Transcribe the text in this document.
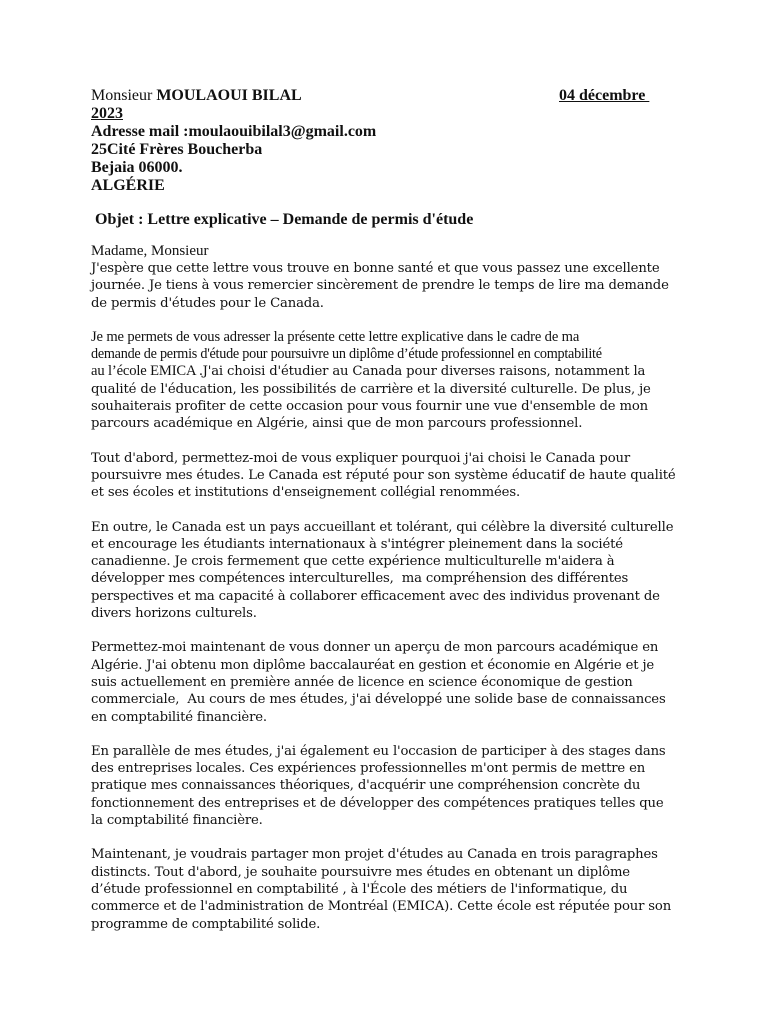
Monsieur MOULAOUI BILAL	04 décembre
2023
Adresse mail :moulaouibilal3@gmail.com
25Cité Frères Boucherba
Bejaia 06000.
ALGÉRIE
Objet : Lettre explicative – Demande de permis d'étude
Madame, Monsieur
J'espère que cette lettre vous trouve en bonne santé et que vous passez une excellente
journée. Je tiens à vous remercier sincèrement de prendre le temps de lire ma demande
de permis d'études pour le Canada.
Je me permets de vous adresser la présente cette lettre explicative dans le cadre de ma
demande de permis d'étude pour poursuivre un diplôme d’étude professionnel en comptabilité
au l’école EMICA .J'ai choisi d'étudier au Canada pour diverses raisons, notamment la
qualité de l'éducation, les possibilités de carrière et la diversité culturelle. De plus, je
souhaiterais profiter de cette occasion pour vous fournir une vue d'ensemble de mon
parcours académique en Algérie, ainsi que de mon parcours professionnel.
Tout d'abord, permettez-moi de vous expliquer pourquoi j'ai choisi le Canada pour
poursuivre mes études. Le Canada est réputé pour son système éducatif de haute qualité
et ses écoles et institutions d'enseignement collégial renommées.
En outre, le Canada est un pays accueillant et tolérant, qui célèbre la diversité culturelle
et encourage les étudiants internationaux à s'intégrer pleinement dans la société
canadienne. Je crois fermement que cette expérience multiculturelle m'aidera à
développer mes compétences interculturelles,  ma compréhension des différentes
perspectives et ma capacité à collaborer efficacement avec des individus provenant de
divers horizons culturels.
Permettez-moi maintenant de vous donner un aperçu de mon parcours académique en
Algérie. J'ai obtenu mon diplôme baccalauréat en gestion et économie en Algérie et je
suis actuellement en première année de licence en science économique de gestion
commerciale,  Au cours de mes études, j'ai développé une solide base de connaissances
en comptabilité financière.
En parallèle de mes études, j'ai également eu l'occasion de participer à des stages dans
des entreprises locales. Ces expériences professionnelles m'ont permis de mettre en
pratique mes connaissances théoriques, d'acquérir une compréhension concrète du
fonctionnement des entreprises et de développer des compétences pratiques telles que
la comptabilité financière.
Maintenant, je voudrais partager mon projet d'études au Canada en trois paragraphes
distincts. Tout d'abord, je souhaite poursuivre mes études en obtenant un diplôme
d’étude professionnel en comptabilité , à l'École des métiers de l'informatique, du
commerce et de l'administration de Montréal (EMICA). Cette école est réputée pour son
programme de comptabilité solide.
